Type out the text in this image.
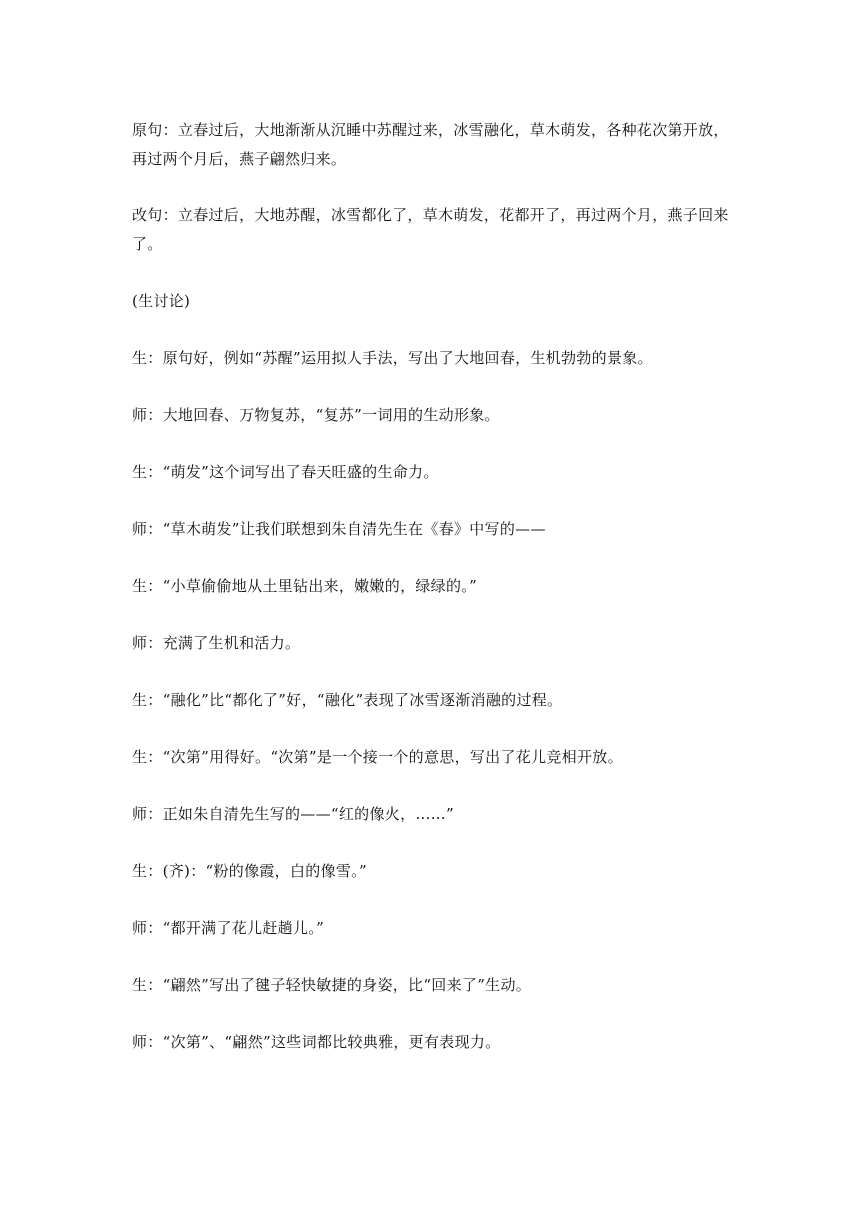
原句：立春过后，大地渐渐从沉睡中苏醒过来，冰雪融化，草木萌发，各种花次第开放，再过两个月后，燕子翩然归来。

改句：立春过后，大地苏醒，冰雪都化了，草木萌发，花都开了，再过两个月，燕子回来了。

(生讨论)

生：原句好，例如“苏醒”运用拟人手法，写出了大地回春，生机勃勃的景象。

师：大地回春、万物复苏，“复苏”一词用的生动形象。

生：“萌发”这个词写出了春天旺盛的生命力。

师：“草木萌发”让我们联想到朱自清先生在《春》中写的——

生：“小草偷偷地从土里钻出来，嫩嫩的，绿绿的。”

师：充满了生机和活力。

生：“融化”比“都化了”好，“融化”表现了冰雪逐渐消融的过程。

生：“次第”用得好。“次第”是一个接一个的意思，写出了花儿竞相开放。

师：正如朱自清先生写的——“红的像火，……”

生：(齐)：“粉的像霞，白的像雪。”

师：“都开满了花儿赶趟儿。”

生：“翩然”写出了毽子轻快敏捷的身姿，比“回来了”生动。

师：“次第”、“翩然”这些词都比较典雅，更有表现力。
